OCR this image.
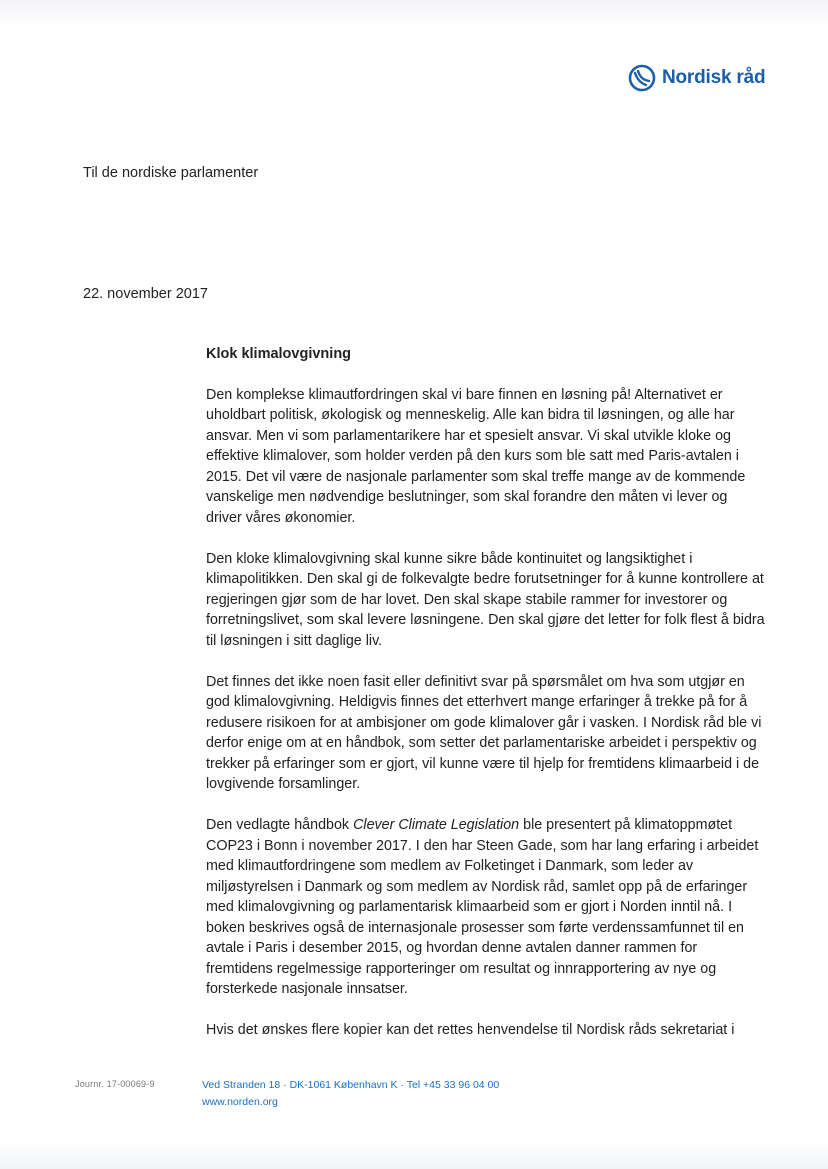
Nordisk råd
Til de nordiske parlamenter
22. november 2017
Klok klimalovgivning

Den komplekse klimautfordringen skal vi bare finnen en løsning på! Alternativet er uholdbart politisk, økologisk og menneskelig. Alle kan bidra til løsningen, og alle har ansvar. Men vi som parlamentarikere har et spesielt ansvar. Vi skal utvikle kloke og effektive klimalover, som holder verden på den kurs som ble satt med Paris-avtalen i 2015. Det vil være de nasjonale parlamenter som skal treffe mange av de kommende vanskelige men nødvendige beslutninger, som skal forandre den måten vi lever og driver våres økonomier.

Den kloke klimalovgivning skal kunne sikre både kontinuitet og langsiktighet i klimapolitikken. Den skal gi de folkevalgte bedre forutsetninger for å kunne kontrollere at regjeringen gjør som de har lovet. Den skal skape stabile rammer for investorer og forretningslivet, som skal levere løsningene. Den skal gjøre det letter for folk flest å bidra til løsningen i sitt daglige liv.

Det finnes det ikke noen fasit eller definitivt svar på spørsmålet om hva som utgjør en god klimalovgivning. Heldigvis finnes det etterhvert mange erfaringer å trekke på for å redusere risikoen for at ambisjoner om gode klimalover går i vasken. I Nordisk råd ble vi derfor enige om at en håndbok, som setter det parlamentariske arbeidet i perspektiv og trekker på erfaringer som er gjort, vil kunne være til hjelp for fremtidens klimaarbeid i de lovgivende forsamlinger.

Den vedlagte håndbok Clever Climate Legislation ble presentert på klimatoppmøtet COP23 i Bonn i november 2017. I den har Steen Gade, som har lang erfaring i arbeidet med klimautfordringene som medlem av Folketinget i Danmark, som leder av miljøstyrelsen i Danmark og som medlem av Nordisk råd, samlet opp på de erfaringer med klimalovgivning og parlamentarisk klimaarbeid som er gjort i Norden inntil nå. I boken beskrives også de internasjonale prosesser som førte verdenssamfunnet til en avtale i Paris i desember 2015, og hvordan denne avtalen danner rammen for fremtidens regelmessige rapporteringer om resultat og innrapportering av nye og forsterkede nasjonale innsatser.

Hvis det ønskes flere kopier kan det rettes henvendelse til Nordisk råds sekretariat i

Journr. 17-00069-9	Ved Stranden 18 · DK-1061 København K · Tel +45 33 96 04 00
www.norden.org
